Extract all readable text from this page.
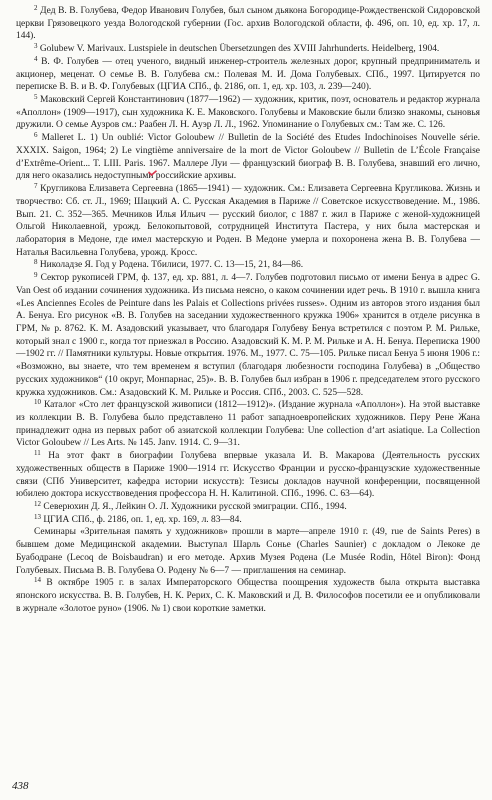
$^2$ Дед В. В. Голубева, Федор Иванович Голубев, был сыном дьякона Богородице-Рождественской Сидоровской церкви Грязовецкого уезда Вологодской губернии (Гос. архив Вологодской области, ф. 496, оп. 10, ед. хр. 17, л. 144).

$^3$ Golubew V. Marivaux. Lustspiele in deutschen Übersetzungen des XVIII Jahrhunderts. Heidelberg, 1904.

$^4$ В. Ф. Голубев — отец ученого, видный инженер-строитель железных дорог, крупный предприниматель и акционер, меценат. О семье В. В. Голубева см.: Полевая М. И. Дома Голубевых. СПб., 1997. Цитируется по переписке В. В. и В. Ф. Голубевых (ЦГИА СПб., ф. 2186, оп. 1, ед. хр. 103, л. 239—240).

$^5$ Маковский Сергей Константинович (1877—1962) — художник, критик, поэт, основатель и редактор журнала «Аполлон» (1909—1917), сын художника К. Е. Маковского. Голубевы и Маковские были близко знакомы, сыновья дружили. О семье Аузров см.: Раабен Л. Н. Ауэр Л. Л., 1962. Упоминание о Голубевых см.: Там же. С. 126.

$^6$ Malleret L. 1) Un oublié: Victor Goloubew // Bulletin de la Société des Etudes Indochinoises Nouvelle série. XXXIX. Saigon, 1964; 2) Le vingtième anniversaire de la mort de Victor Goloubew // Bulletin de L’École Française d’Extrême-Orient... T. LIII. Paris. 1967. Маллере Луи — французский биограф В. В. Голубева, знавший его лично, для него оказались недоступными российские архивы.

$^7$ Кругликова Елизавета Сергеевна (1865—1941) — художник. См.: Елизавета Сергеевна Кругликова. Жизнь и творчество: Сб. ст. Л., 1969; Шацкий А. С. Русская Академия в Париже // Советское искусствоведение. М., 1986. Вып. 21. С. 352—365. Мечников Илья Ильич — русский биолог, с 1887 г. жил в Париже с женой-художницей Ольгой Николаевной, урожд. Белокопытовой, сотрудницей Института Пастера, у них была мастерская и лаборатория в Медоне, где имел мастерскую и Роден. В Медоне умерла и похоронена жена В. В. Голубева — Наталья Васильевна Голубева, урожд. Кросс.

$^8$ Николадзе Я. Год у Родена. Тбилиси, 1977. С. 13—15, 21, 84—86.

$^9$ Сектор рукописей ГРМ, ф. 137, ед. хр. 881, л. 4—7. Голубев подготовил письмо от имени Бенуа в адрес G. Van Oest об издании сочинения художника. Из письма неясно, о каком сочинении идет речь. В 1910 г. вышла книга «Les Anciennes Ecoles de Peinture dans les Palais et Collections privées russes». Одним из авторов этого издания был А. Бенуа. Его рисунок «В. В. Голубев на заседании художественного кружка 1906» хранится в отделе рисунка в ГРМ, № р. 8762. К. М. Азадовский указывает, что благодаря Голубеву Бенуа встретился с поэтом Р. М. Рильке, который знал с 1900 г., когда тот приезжал в Россию. Азадовский К. М. Р. М. Рильке и А. Н. Бенуа. Переписка 1900—1902 гг. // Памятники культуры. Новые открытия. 1976. М., 1977. С. 75—105. Рильке писал Бенуа 5 июня 1906 г.: «Возможно, вы знаете, что тем временем я вступил (благодаря любезности господина Голубева) в „Общество русских художников“ (10 округ, Монпарнас, 25)». В. В. Голубев был избран в 1906 г. председателем этого русского кружка художников. См.: Азадовский К. М. Рильке и Россия. СПб., 2003. С. 525—528.

$^{10}$ Каталог «Сто лет французской живописи (1812—1912)». (Издание журнала «Аполлон»). На этой выставке из коллекции В. В. Голубева было представлено 11 работ западноевропейских художников. Перу Рене Жана принадлежит одна из первых работ об азиатской коллекции Голубева: Une collection d’art asiatique. La Collection Victor Goloubew // Les Arts. № 145. Janv. 1914. С. 9—31.

$^{11}$ На этот факт в биографии Голубева впервые указала И. В. Макарова (Деятельность русских художественных обществ в Париже 1900—1914 гг. Искусство Франции и русско-французские художественные связи (СПб Университет, кафедра истории искусств): Тезисы докладов научной конференции, посвященной юбилею доктора искусствоведения профессора Н. Н. Калитиной. СПб., 1996. С. 63—64).

$^{12}$ Северюхин Д. Я., Лейкин О. Л. Художники русской эмиграции. СПб., 1994.

$^{13}$ ЦГИА СПб., ф. 2186, оп. 1, ед. хр. 169, л. 83—84.

Семинары «Зрительная память у художников» прошли в марте—апреле 1910 г. (49, rue de Saints Peres) в бывшем доме Медицинской академии. Выступал Шарль Сонье (Charles Saunier) с докладом о Лекоке де Буабодране (Lecoq de Boisbaudran) и его методе. Архив Музея Родена (Le Musée Rodin, Hôtel Biron): Фонд Голубевых. Письма В. В. Голубева О. Родену № 6—7 — приглашения на семинар.

$^{14}$ В октябре 1905 г. в залах Императорского Общества поощрения художеств была открыта выставка японского искусства. В. В. Голубев, Н. К. Рерих, С. К. Маковский и Д. В. Философов посетили ее и опубликовали в журнале «Золотое руно» (1906. № 1) свои короткие заметки.

438
